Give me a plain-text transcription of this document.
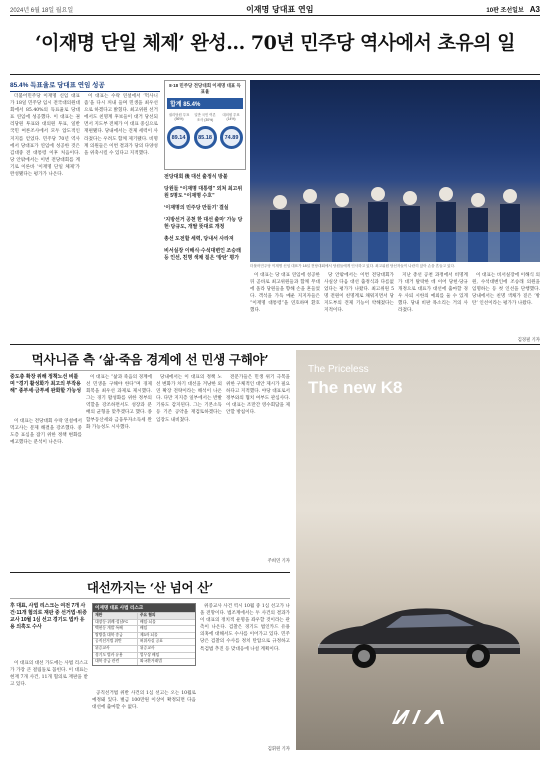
2024년 6월 18일 월요일	이재명 당대표 연임	10판 조선일보 A3
‘이재명 단일 체제’ 완성… 70년 민주당 역사에서 초유의 일
85.4% 득표율로 당대표 연임 성공

더불어민주당 이재명 신임 대표가 18일 민주당 임시 전국대의원대회에서 85.40%의 득표율로 당대표 연임에 성공했다. 이 대표는 권리당원 투표와 대의원 투표, 일반 국민 여론조사에서 모두 압도적인 지지를 얻었다. 민주당 70년 역사에서 당대표가 연임에 성공한 것은 김대중 전 대통령 이후 처음이다. 당 안팎에서는 이번 전당대회를 계기로 이른바 ‘이재명 단일 체제’가 완성됐다는 평가가 나온다.

이 대표는 수락 연설에서 ‘먹사니즘’을 다시 꺼내 들며 민생을 최우선으로 하겠다고 밝혔다. 최고위원 선거에서도 친명계 후보들이 대거 당선되면서 지도부 전체가 이 대표 중심으로 재편됐다. 당내에서는 견제 세력이 사라졌다는 우려도 함께 제기됐다. 비명계 의원들은 이번 결과가 당의 다양성을 위축시킬 수 있다고 지적했다.

8·18 민주당 전당대회 이재명 대표 득표율
합계 85.4%
권리당원 투표 (56%)
일반 국민 여론조사 (30%)
대의원 투표 (14%)
89.14	85.18	74.89
전당대회 後 대선 출정식 방불
당원들 “이재명 대통령” 외쳐 최고위원 5명도 “이재명 수호”
‘이재명의 민주당 만들기’ 결실
‘지방선거 공천 한 대선 출마’ 가능 당헌·당규도, 개딸 뜻대로 개정
총선 도전할 세력, 당내서 사라져
비서실장 이해식·수석대변인 조승래 등 인선, 친명 색채 짙은 ‘방탄’ 평가
더불어민주당 이재명 신임 대표가 18일 전당대회에서 당원들에게 인사하고 있다. 최고위원 당선자들이 나란히 앉아 손을 흔들고 있다.

이 대표는 당 대표 연임에 성공한 뒤 곧바로 최고위원들과 함께 무대에 올라 당원들을 향해 손을 흔들었다. 객석을 가득 메운 지지자들은 “이재명 대통령”을 연호하며 환호했다.

당 안팎에서는 이번 전당대회가 사실상 다음 대선 출정식과 다름없었다는 평가가 나왔다. 최고위원 5명 전원이 친명계로 채워지면서 당 지도부의 견제 기능이 약해졌다는 지적이다.

지난 총선 공천 과정에서 비명계가 대거 탈락한 데 이어 당헌·당규 개정으로 대표가 대선에 출마할 경우 사퇴 시한의 예외를 둘 수 있게 했다. 당내 비판 목소리는 거의 사라졌다.

이 대표는 비서실장에 이해식 의원, 수석대변인에 조승래 의원을 임명하는 등 첫 인선을 단행했다. 당내에서는 친명 색채가 짙은 ‘방탄’ 인선이라는 평가가 나왔다.

김경필 기자
먹사니즘 측 ‘삶·죽음 경계에 선 민생 구해야’
중도층 확장 위해 정책노선 비틀며 “경기 활성화가 최고의 부작용 해” 종부세·금투세 완화할 가능성

이 대표는 전당대회 수락 연설에서 먹고사는 문제 해결을 강조했다. 중도층 표심을 잡기 위한 정책 변화를 예고했다는 분석이 나온다.

이 대표는 “삶과 죽음의 경계에 선 민생을 구해야 한다”며 경제 회복을 최우선 과제로 제시했다. 그는 경기 활성화를 위한 정부의 역할을 강조하면서도 성장과 분배의 균형을 맞추겠다고 했다. 종합부동산세와 금융투자소득세 완화 가능성도 시사했다.

당내에서는 이 대표의 정책 노선 변화가 차기 대선을 겨냥한 외연 확장 전략이라는 해석이 나온다. 다만 지지층 일부에서는 반발 기류도 감지된다. 그는 기본소득 등 기존 공약을 재검토하겠다는 입장도 내비쳤다.

전문가들은 민생 위기 극복을 위한 구체적인 대안 제시가 필요하다고 지적했다. 야당 대표로서 정부와의 협치 여부도 관심사다. 이 대표는 조만간 영수회담을 제안할 방침이다.

주희연 기자
대선까지는 ‘산 넘어 산’
후 대표, 사법 리스크는 여전 7개 사건·11개 혐의로 재판 중 선거법·위증교사 10월 1심 선고 경기도 법카 유용 의혹도 수사

이 대표의 대선 가도에는 사법 리스크가 가장 큰 걸림돌로 꼽힌다. 이 대표는 현재 7개 사건, 11개 혐의로 재판을 받고 있다.

이재명 대표 사법 리스크
재판	주요 혐의
대장동·위례·성남FC	배임·뇌물
백현동 개발 특혜	배임
쌍방울 대북 송금	제3자 뇌물
공직선거법 위반	허위사실 공표
위증교사	위증교사
경기도 법카 유용	업무상 배임
대북 송금 관련	외국환거래법

공직선거법 위반 사건의 1심 선고는 오는 10월로 예정돼 있다. 벌금 100만원 이상이 확정되면 다음 대선에 출마할 수 없다.

위증교사 사건 역시 10월 중 1심 선고가 나올 전망이다. 법조계에서는 두 사건의 결과가 이 대표의 정치적 운명을 좌우할 것이라는 관측이 나온다. 검찰은 경기도 법인카드 유용 의혹에 대해서도 수사를 이어가고 있다. 민주당은 검찰의 수사를 정치 탄압으로 규정하고 특검법 추진 등 맞대응에 나설 계획이다.

김휘원 기자
The Priceless
The new K8
